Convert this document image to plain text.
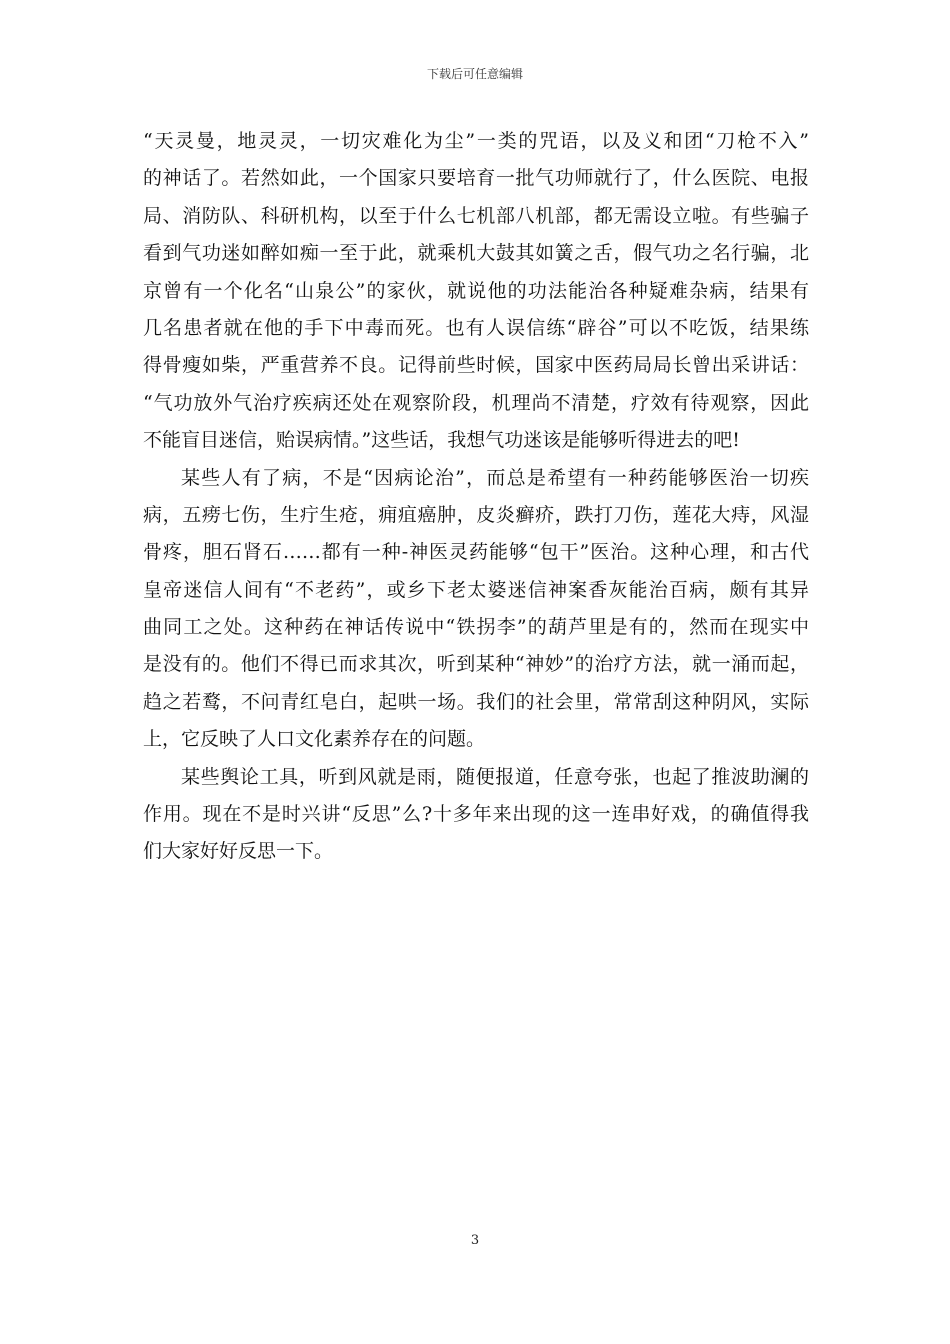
下载后可任意编辑
“天灵曼，地灵灵，一切灾难化为尘”一类的咒语，以及义和团“刀枪不入”
的神话了。若然如此，一个国家只要培育一批气功师就行了，什么医院、电报
局、消防队、科研机构，以至于什么七机部八机部，都无需设立啦。有些骗子
看到气功迷如醉如痴一至于此，就乘机大鼓其如簧之舌，假气功之名行骗，北
京曾有一个化名“山泉公”的家伙，就说他的功法能治各种疑难杂病，结果有
几名患者就在他的手下中毒而死。也有人误信练“辟谷”可以不吃饭，结果练
得骨瘦如柴，严重营养不良。记得前些时候，国家中医药局局长曾出采讲话：
“气功放外气治疗疾病还处在观察阶段，机理尚不清楚，疗效有待观察，因此
不能盲目迷信，贻误病情。”这些话，我想气功迷该是能够听得进去的吧!
某些人有了病，不是“因病论治”，而总是希望有一种药能够医治一切疾
病，五痨七伤，生疔生疮，痈疽癌肿，皮炎癣疥，跌打刀伤，莲花大痔，风湿
骨疼，胆石肾石……都有一种-神医灵药能够“包干”医治。这种心理，和古代
皇帝迷信人间有“不老药”，或乡下老太婆迷信神案香灰能治百病，颇有其异
曲同工之处。这种药在神话传说中“铁拐李”的葫芦里是有的，然而在现实中
是没有的。他们不得已而求其次，听到某种“神妙”的治疗方法，就一涌而起，
趋之若鹜，不问青红皂白，起哄一场。我们的社会里，常常刮这种阴风，实际
上，它反映了人口文化素养存在的问题。
某些舆论工具，听到风就是雨，随便报道，任意夸张，也起了推波助澜的
作用。现在不是时兴讲“反思”么?十多年来出现的这一连串好戏，的确值得我
们大家好好反思一下。
3
